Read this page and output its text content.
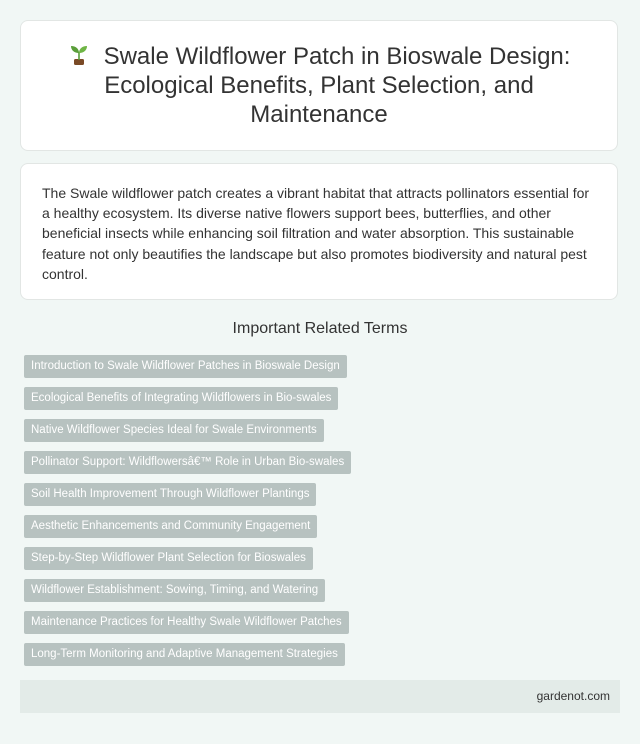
Swale Wildflower Patch in Bioswale Design: Ecological Benefits, Plant Selection, and Maintenance

The Swale wildflower patch creates a vibrant habitat that attracts pollinators essential for a healthy ecosystem. Its diverse native flowers support bees, butterflies, and other beneficial insects while enhancing soil filtration and water absorption. This sustainable feature not only beautifies the landscape but also promotes biodiversity and natural pest control.

Important Related Terms
Introduction to Swale Wildflower Patches in Bioswale Design
Ecological Benefits of Integrating Wildflowers in Bio-swales
Native Wildflower Species Ideal for Swale Environments
Pollinator Support: Wildflowersâ€™ Role in Urban Bio-swales
Soil Health Improvement Through Wildflower Plantings
Aesthetic Enhancements and Community Engagement
Step-by-Step Wildflower Plant Selection for Bioswales
Wildflower Establishment: Sowing, Timing, and Watering
Maintenance Practices for Healthy Swale Wildflower Patches
Long-Term Monitoring and Adaptive Management Strategies
gardenot.com
